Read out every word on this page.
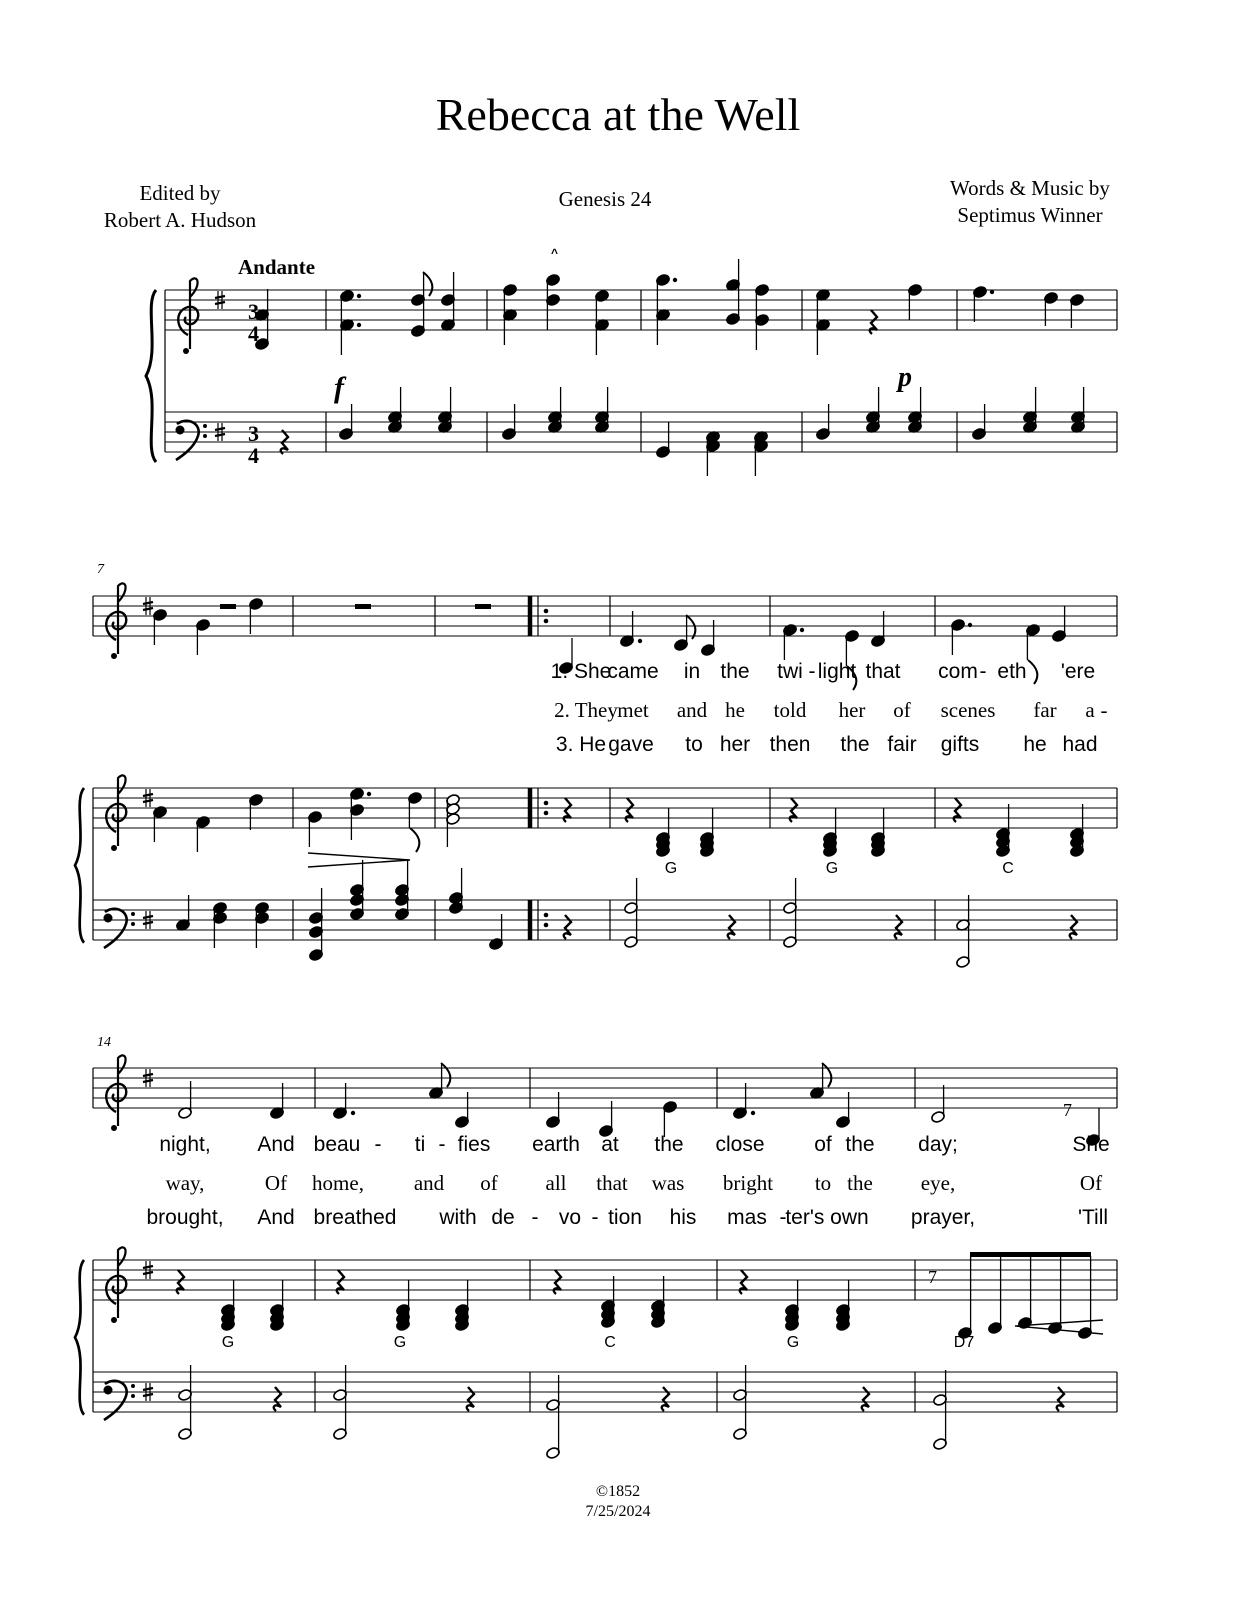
Rebecca at the Well
Edited by
Robert A. Hudson
Genesis 24	Words & Music by
Septimus Winner
Andante
7
14
7
7
3
4
3
4
f	p
^
1. She
came in the twi - light that com - eth 'ere
2. They met and he told her of scenes far a -
3. He gave to her then the fair gifts he had
night, And beau - ti - fies earth at the close of the day;	She
way,	Of home, and of all that was bright to the eye,	Of
brought, And breathed with de - vo - tion his mas -
ter's own prayer,	'Till
G	G	C
G	G	C	G	D7
©1852
7/25/2024
